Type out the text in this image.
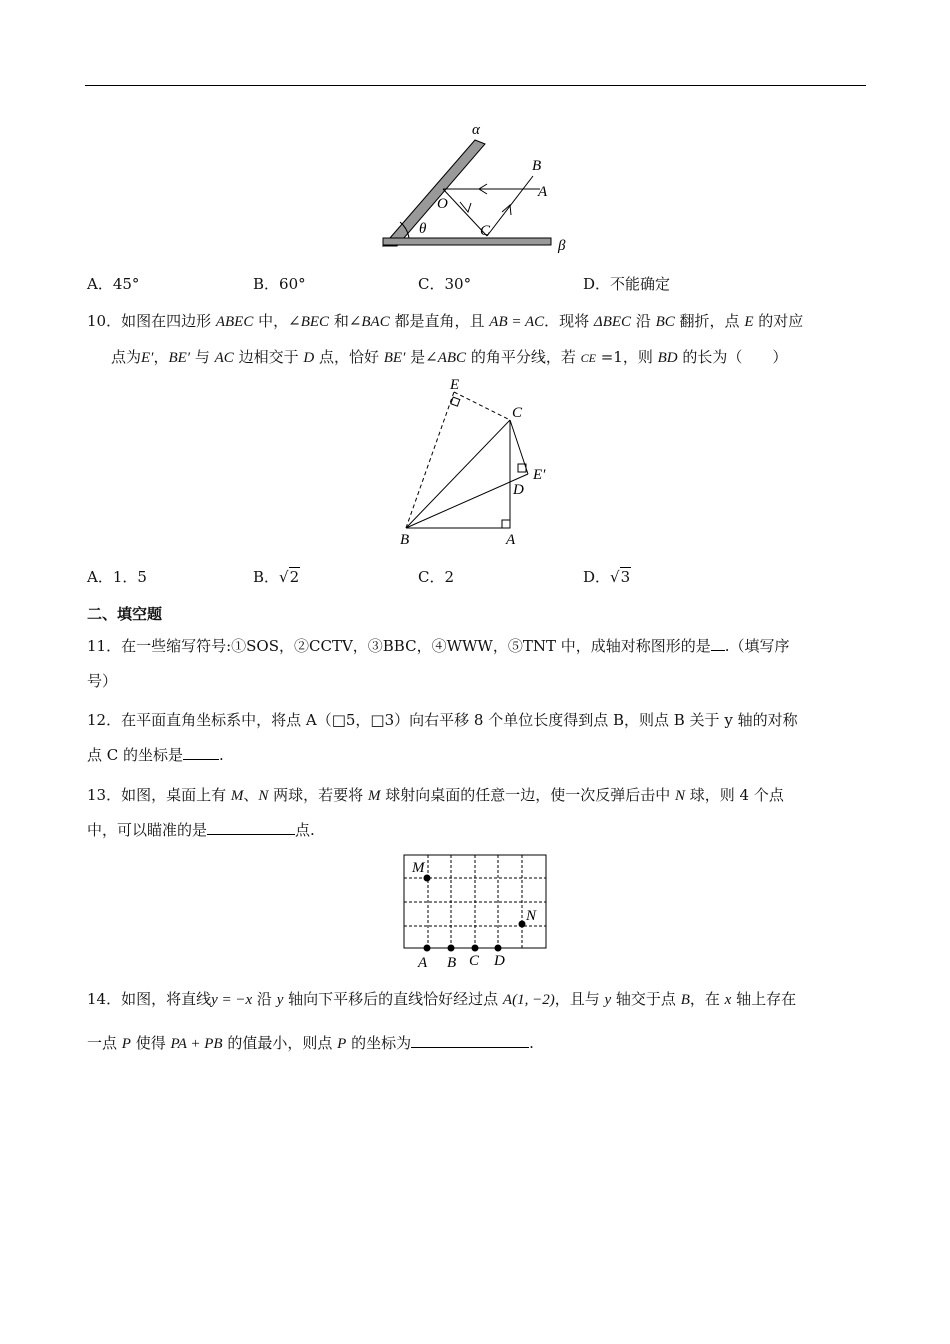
α
B
A
O
C
θ
β
A．45°	B．60°	C．30°	D．不能确定
10．如图在四边形 ABEC 中，∠BEC 和∠BAC 都是直角，且 AB = AC．现将 ΔBEC 沿 BC 翻折，点 E 的对应
点为E′，BE′ 与 AC 边相交于 D 点，恰好 BE′ 是∠ABC 的角平分线，若 CE =1，则 BD 的长为（　　）
E
C
E′
D
B	A
A．1．5	B．√2	C．2	D．√3
二、填空题
11．在一些缩写符号:①SOS，②CCTV，③BBC，④WWW，⑤TNT 中，成轴对称图形的是 .（填写序
号）
12．在平面直角坐标系中，将点 A（□5，□3）向右平移 8 个单位长度得到点 B，则点 B 关于 y 轴的对称
点 C 的坐标是 .
13．如图，桌面上有 M、N 两球，若要将 M 球射向桌面的任意一边，使一次反弹后击中 N 球，则 4 个点
中，可以瞄准的是	点.
M
N
A B C D
14．如图，将直线y = −x 沿 y 轴向下平移后的直线恰好经过点 A(1, −2)，且与 y 轴交于点 B，在 x 轴上存在
一点 P 使得 PA + PB 的值最小，则点 P 的坐标为	.
